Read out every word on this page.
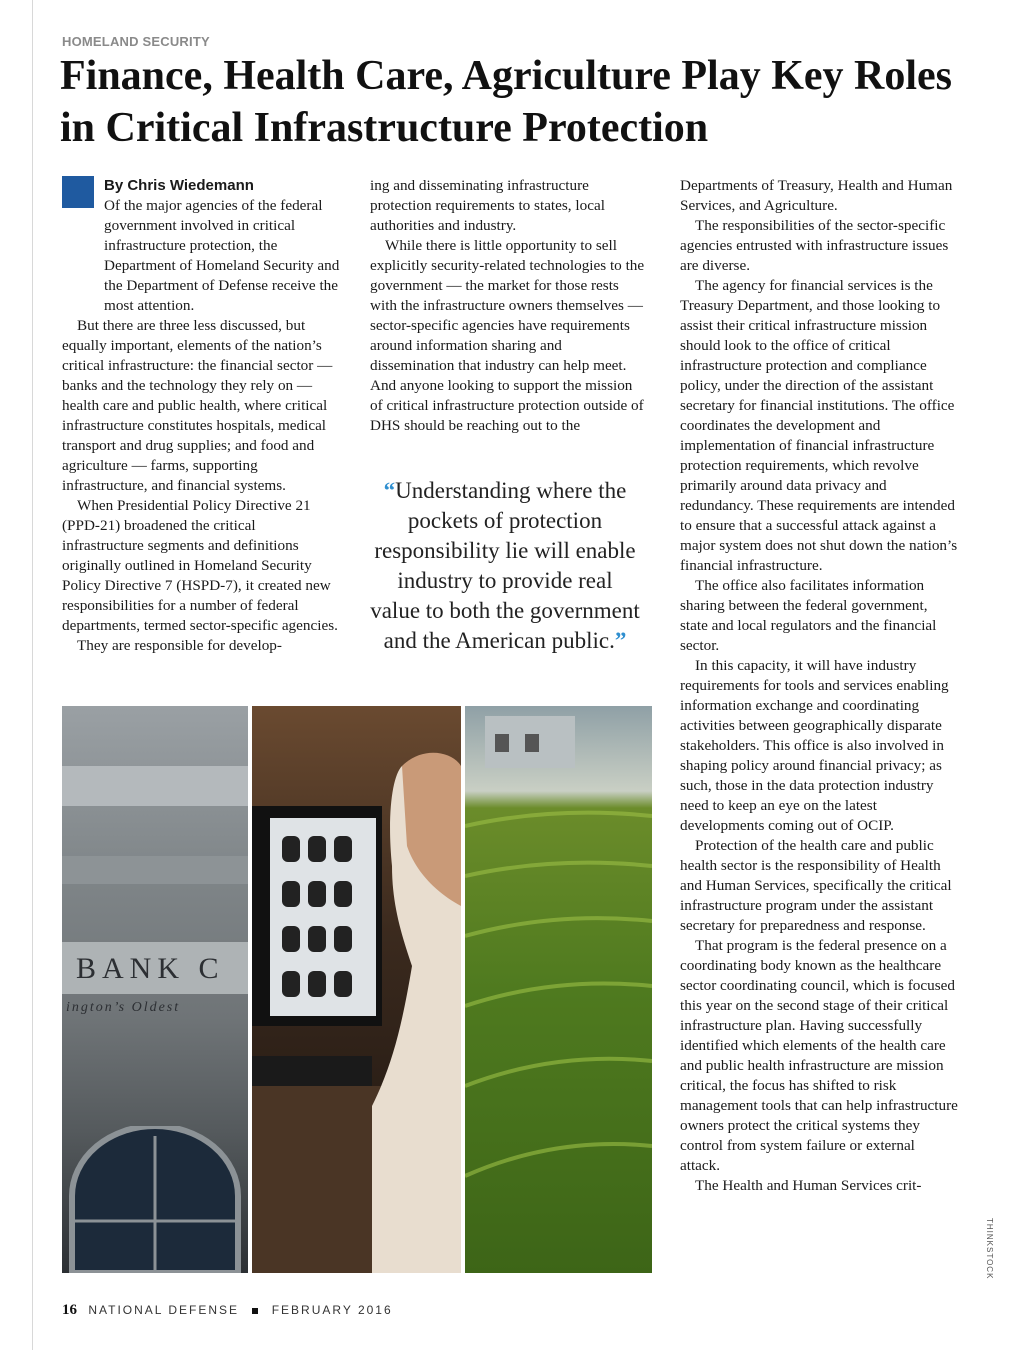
HOMELAND SECURITY
Finance, Health Care, Agriculture Play Key Roles in Critical Infrastructure Protection
By Chris Wiedemann

Of the major agencies of the federal government involved in critical infrastructure protection, the Department of Homeland Security and the Department of Defense receive the most attention.

But there are three less discussed, but equally important, elements of the nation’s critical infrastructure: the financial sector — banks and the technology they rely on — health care and public health, where critical infrastructure constitutes hospitals, medical transport and drug supplies; and food and agriculture — farms, supporting infrastructure, and financial systems.

When Presidential Policy Directive 21 (PPD-21) broadened the critical infrastructure segments and definitions originally outlined in Homeland Security Policy Directive 7 (HSPD-7), it created new responsibilities for a number of federal departments, termed sector-specific agencies.

They are responsible for develop-

ing and disseminating infrastructure protection requirements to states, local authorities and industry.

While there is little opportunity to sell explicitly security-related technologies to the government — the market for those rests with the infrastructure owners themselves — sector-specific agencies have requirements around information sharing and dissemination that industry can help meet. And anyone looking to support the mission of critical infrastructure protection outside of DHS should be reaching out to the

“Understanding where the pockets of protection responsibility lie will enable industry to provide real value to both the government and the American public.”

Departments of Treasury, Health and Human Services, and Agriculture.

The responsibilities of the sector-specific agencies entrusted with infrastructure issues are diverse.

The agency for financial services is the Treasury Department, and those looking to assist their critical infrastructure mission should look to the office of critical infrastructure protection and compliance policy, under the direction of the assistant secretary for financial institutions. The office coordinates the development and implementation of financial infrastructure protection requirements, which revolve primarily around data privacy and redundancy. These requirements are intended to ensure that a successful attack against a major system does not shut down the nation’s financial infrastructure.

The office also facilitates information sharing between the federal government, state and local regulators and the financial sector.

In this capacity, it will have industry requirements for tools and services enabling information exchange and coordinating activities between geographically disparate stakeholders. This office is also involved in shaping policy around financial privacy; as such, those in the data protection industry need to keep an eye on the latest developments coming out of OCIP.

Protection of the health care and public health sector is the responsibility of Health and Human Services, specifically the critical infrastructure program under the assistant secretary for preparedness and response.

That program is the federal presence on a coordinating body known as the healthcare sector coordinating council, which is focused this year on the second stage of their critical infrastructure plan. Having successfully identified which elements of the health care and public health infrastructure are mission critical, the focus has shifted to risk management tools that can help infrastructure owners protect the critical systems they control from system failure or external attack.

The Health and Human Services crit-

BANK C
ington’s Oldest
THINKSTOCK
16 NATIONAL DEFENSE	FEBRUARY 2016
